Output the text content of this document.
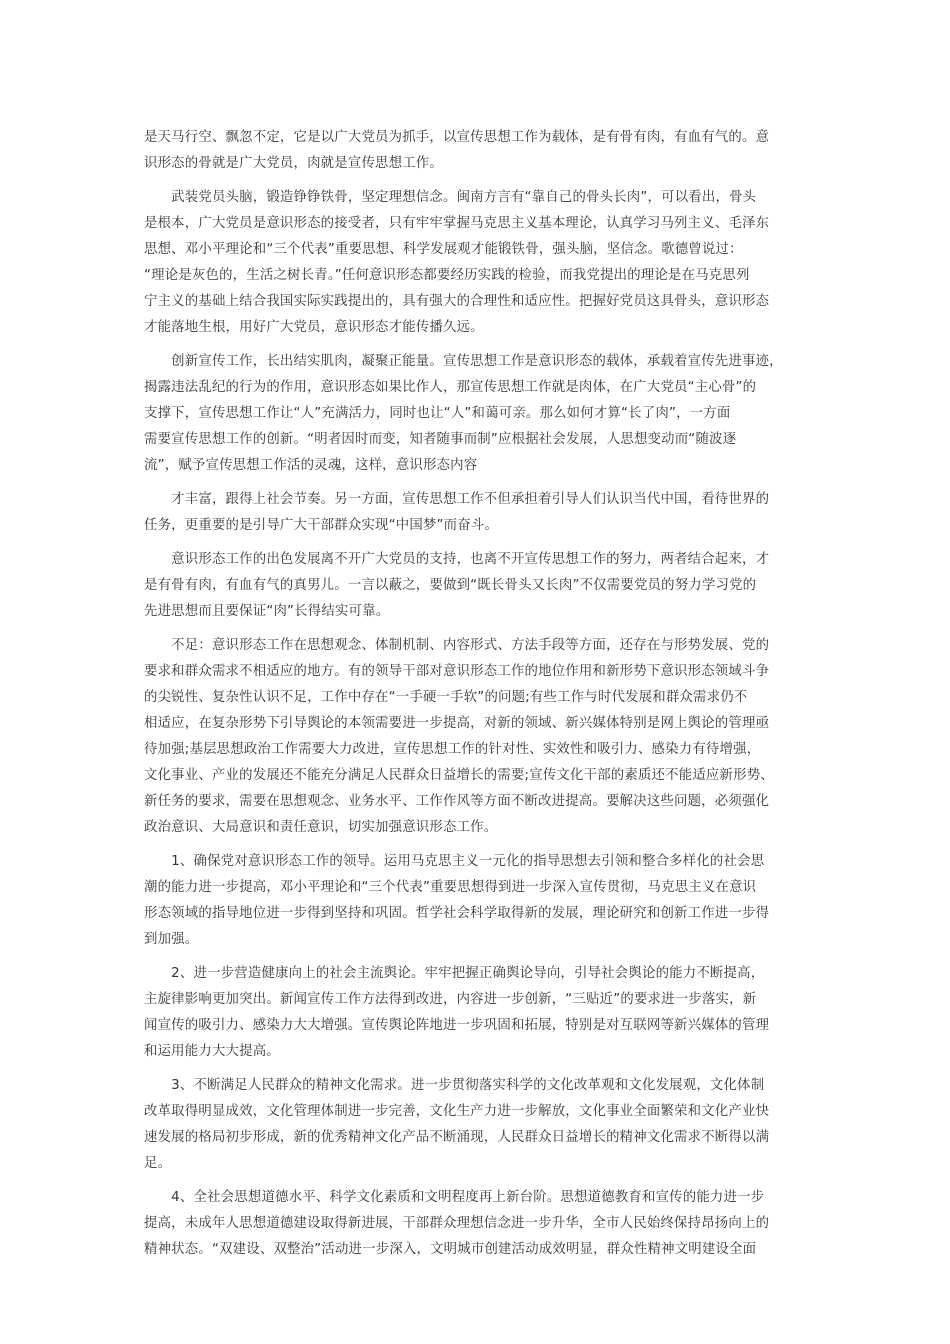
是天马行空、飘忽不定，它是以广大党员为抓手，以宣传思想工作为载体，是有骨有肉，有血有气的。意
识形态的骨就是广大党员，肉就是宣传思想工作。
　　武装党员头脑，锻造铮铮铁骨，坚定理想信念。闽南方言有“靠自己的骨头长肉”，可以看出，骨头
是根本，广大党员是意识形态的接受者，只有牢牢掌握马克思主义基本理论，认真学习马列主义、毛泽东
思想、邓小平理论和“三个代表”重要思想、科学发展观才能锻铁骨，强头脑，坚信念。歌德曾说过：
“理论是灰色的，生活之树长青。”任何意识形态都要经历实践的检验，而我党提出的理论是在马克思列
宁主义的基础上结合我国实际实践提出的，具有强大的合理性和适应性。把握好党员这具骨头，意识形态
才能落地生根，用好广大党员，意识形态才能传播久远。
　　创新宣传工作，长出结实肌肉，凝聚正能量。宣传思想工作是意识形态的载体，承载着宣传先进事迹，
揭露违法乱纪的行为的作用，意识形态如果比作人，那宣传思想工作就是肉体，在广大党员“主心骨”的
支撑下，宣传思想工作让“人”充满活力，同时也让“人”和蔼可亲。那么如何才算“长了肉”，一方面
需要宣传思想工作的创新。“明者因时而变，知者随事而制”应根据社会发展，人思想变动而“随波逐
流”，赋予宣传思想工作活的灵魂，这样，意识形态内容
　　才丰富，跟得上社会节奏。另一方面，宣传思想工作不但承担着引导人们认识当代中国，看待世界的
任务，更重要的是引导广大干部群众实现“中国梦”而奋斗。
　　意识形态工作的出色发展离不开广大党员的支持，也离不开宣传思想工作的努力，两者结合起来，才
是有骨有肉，有血有气的真男儿。一言以蔽之，要做到“既长骨头又长肉”不仅需要党员的努力学习党的
先进思想而且要保证“肉”长得结实可靠。
　　不足：意识形态工作在思想观念、体制机制、内容形式、方法手段等方面，还存在与形势发展、党的
要求和群众需求不相适应的地方。有的领导干部对意识形态工作的地位作用和新形势下意识形态领域斗争
的尖锐性、复杂性认识不足，工作中存在“一手硬一手软”的问题;有些工作与时代发展和群众需求仍不
相适应，在复杂形势下引导舆论的本领需要进一步提高，对新的领域、新兴媒体特别是网上舆论的管理亟
待加强;基层思想政治工作需要大力改进，宣传思想工作的针对性、实效性和吸引力、感染力有待增强，
文化事业、产业的发展还不能充分满足人民群众日益增长的需要;宣传文化干部的素质还不能适应新形势、
新任务的要求，需要在思想观念、业务水平、工作作风等方面不断改进提高。要解决这些问题，必须强化
政治意识、大局意识和责任意识，切实加强意识形态工作。
　　1、确保党对意识形态工作的领导。运用马克思主义一元化的指导思想去引领和整合多样化的社会思
潮的能力进一步提高，邓小平理论和“三个代表”重要思想得到进一步深入宣传贯彻，马克思主义在意识
形态领域的指导地位进一步得到坚持和巩固。哲学社会科学取得新的发展，理论研究和创新工作进一步得
到加强。
　　2、进一步营造健康向上的社会主流舆论。牢牢把握正确舆论导向，引导社会舆论的能力不断提高，
主旋律影响更加突出。新闻宣传工作方法得到改进，内容进一步创新，“三贴近”的要求进一步落实，新
闻宣传的吸引力、感染力大大增强。宣传舆论阵地进一步巩固和拓展，特别是对互联网等新兴媒体的管理
和运用能力大大提高。
　　3、不断满足人民群众的精神文化需求。进一步贯彻落实科学的文化改革观和文化发展观，文化体制
改革取得明显成效，文化管理体制进一步完善，文化生产力进一步解放，文化事业全面繁荣和文化产业快
速发展的格局初步形成，新的优秀精神文化产品不断涌现，人民群众日益增长的精神文化需求不断得以满
足。
　　4、全社会思想道德水平、科学文化素质和文明程度再上新台阶。思想道德教育和宣传的能力进一步
提高，未成年人思想道德建设取得新进展，干部群众理想信念进一步升华，全市人民始终保持昂扬向上的
精神状态。“双建设、双整治”活动进一步深入，文明城市创建活动成效明显，群众性精神文明建设全面
